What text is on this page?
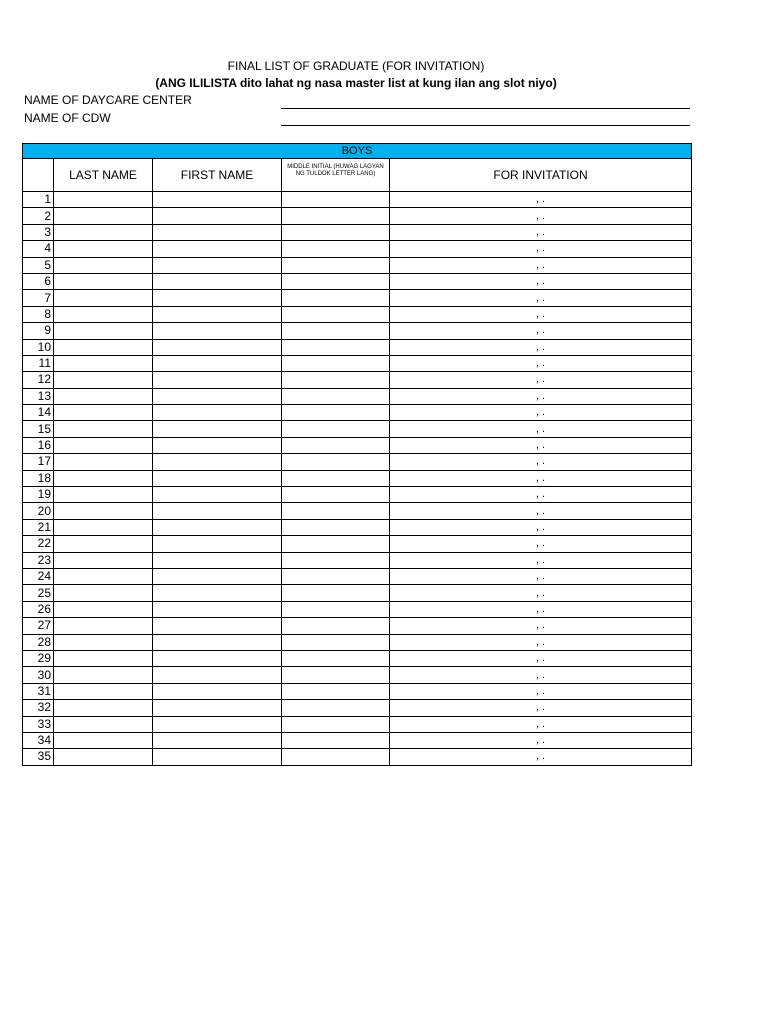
FINAL LIST OF GRADUATE (FOR INVITATION)
(ANG ILILISTA dito lahat ng nasa master list at kung ilan ang slot niyo)
NAME OF DAYCARE CENTER
NAME OF CDW
BOYS				
	LAST NAME	FIRST NAME	MIDDLE INITIAL (HUWAG LAGYAN NG TULDOK LETTER LANG)	FOR INVITATION
1				, .
2				, .
3				, .
4				, .
5				, .
6				, .
7				, .
8				, .
9				, .
10				, .
11				, .
12				, .
13				, .
14				, .
15				, .
16				, .
17				, .
18				, .
19				, .
20				, .
21				, .
22				, .
23				, .
24				, .
25				, .
26				, .
27				, .
28				, .
29				, .
30				, .
31				, .
32				, .
33				, .
34				, .
35				, .
